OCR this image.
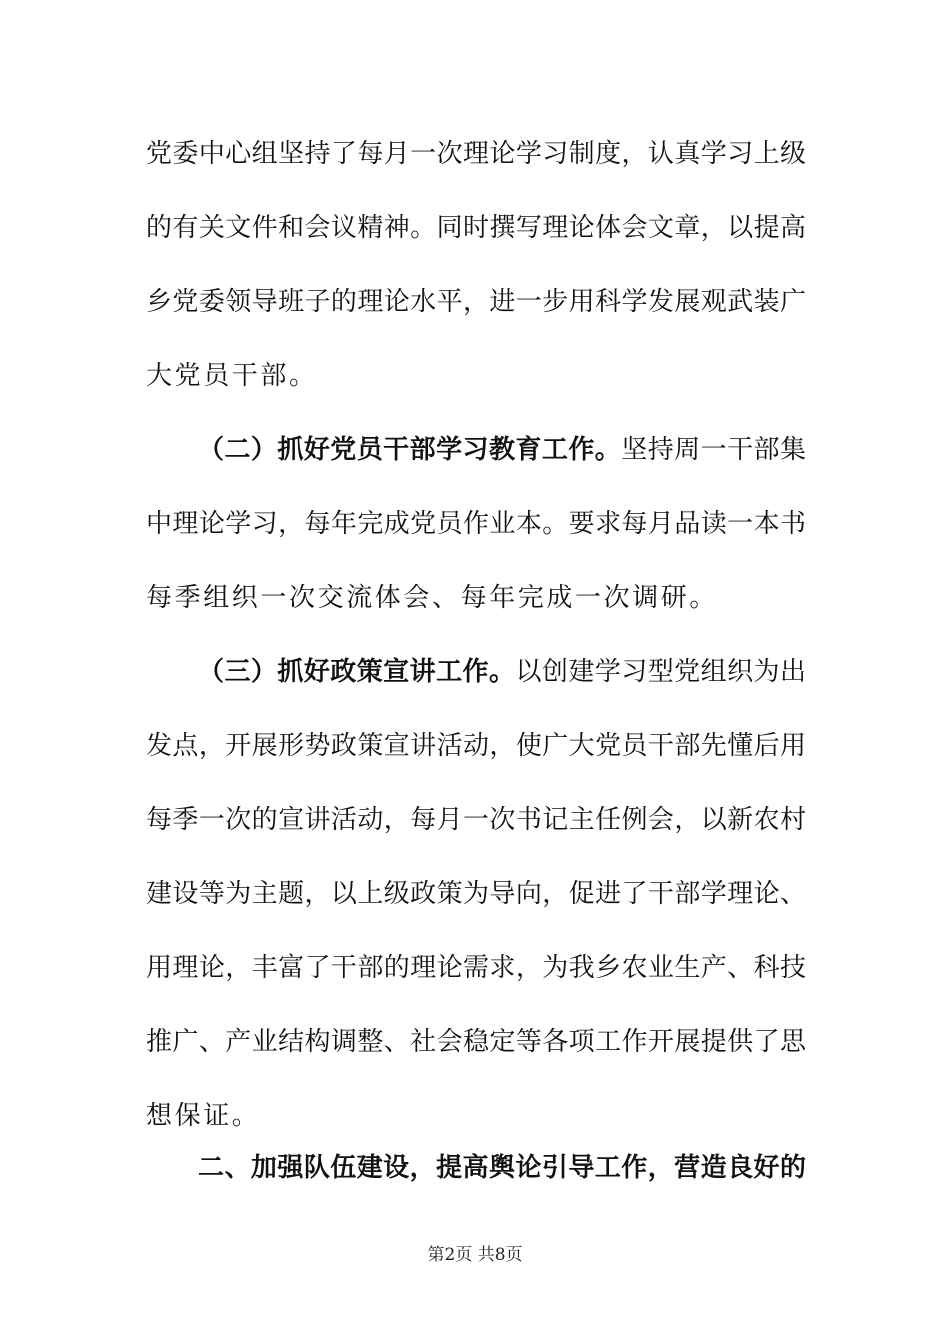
党委中心组坚持了每月一次理论学习制度，认真学习上级
的有关文件和会议精神。同时撰写理论体会文章，以提高
乡党委领导班子的理论水平，进一步用科学发展观武装广
大党员干部。
（二）抓好党员干部学习教育工作。坚持周一干部集
中理论学习，每年完成党员作业本。要求每月品读一本书
每季组织一次交流体会、每年完成一次调研。
（三）抓好政策宣讲工作。以创建学习型党组织为出
发点，开展形势政策宣讲活动，使广大党员干部先懂后用
每季一次的宣讲活动，每月一次书记主任例会，以新农村
建设等为主题，以上级政策为导向，促进了干部学理论、
用理论，丰富了干部的理论需求，为我乡农业生产、科技
推广、产业结构调整、社会稳定等各项工作开展提供了思
想保证。
二、加强队伍建设，提高舆论引导工作，营造良好的
第2页 共8页
